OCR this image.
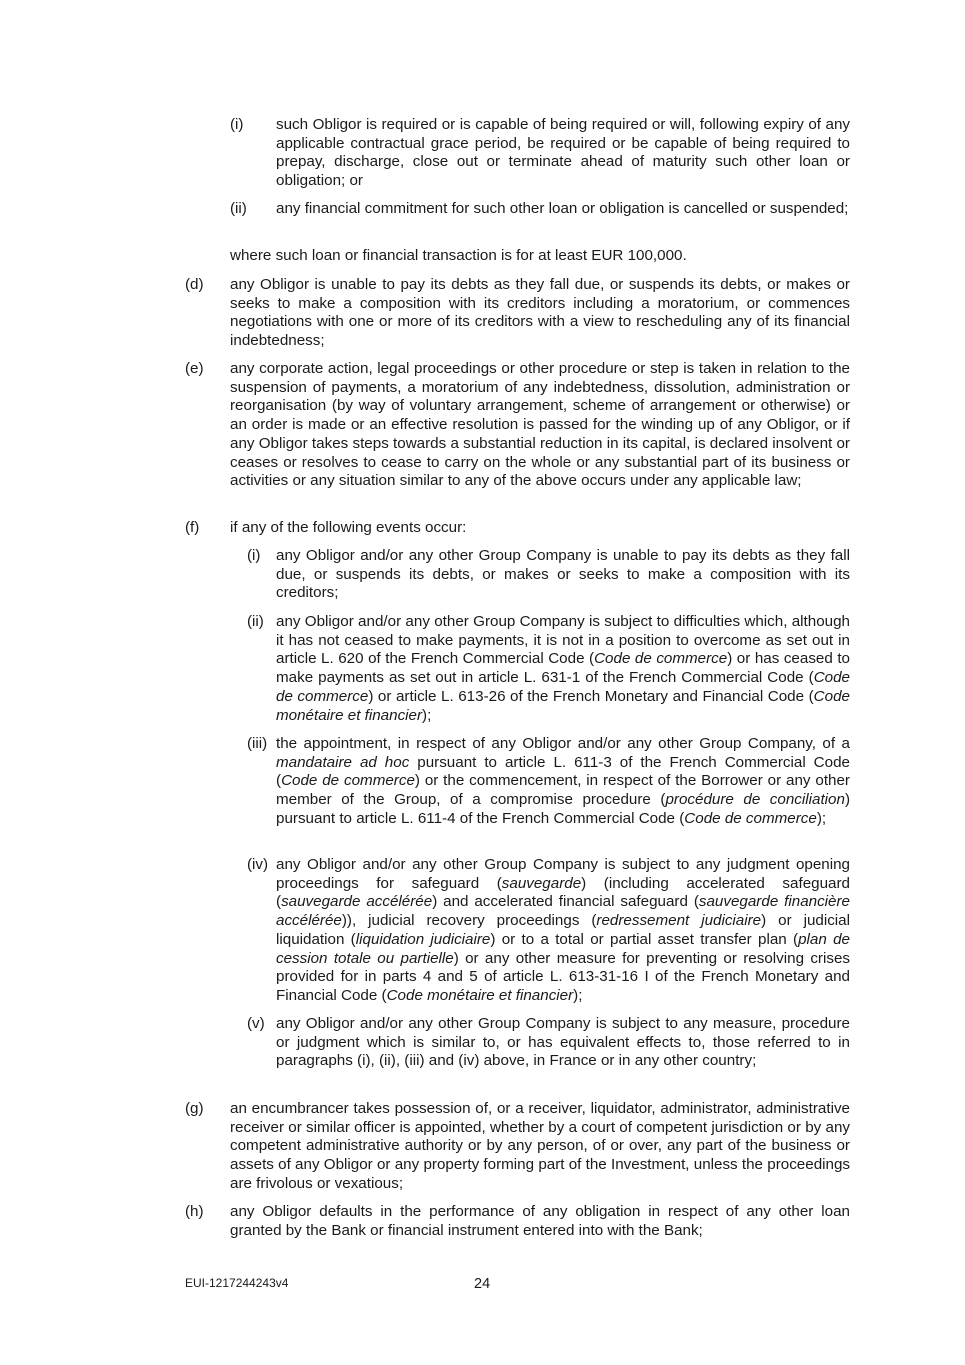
(i) such Obligor is required or is capable of being required or will, following expiry of any applicable contractual grace period, be required or be capable of being required to prepay, discharge, close out or terminate ahead of maturity such other loan or obligation; or

(ii) any financial commitment for such other loan or obligation is cancelled or suspended;

where such loan or financial transaction is for at least EUR 100,000.

(d) any Obligor is unable to pay its debts as they fall due, or suspends its debts, or makes or seeks to make a composition with its creditors including a moratorium, or commences negotiations with one or more of its creditors with a view to rescheduling any of its financial indebtedness;

(e) any corporate action, legal proceedings or other procedure or step is taken in relation to the suspension of payments, a moratorium of any indebtedness, dissolution, administration or reorganisation (by way of voluntary arrangement, scheme of arrangement or otherwise) or an order is made or an effective resolution is passed for the winding up of any Obligor, or if any Obligor takes steps towards a substantial reduction in its capital, is declared insolvent or ceases or resolves to cease to carry on the whole or any substantial part of its business or activities or any situation similar to any of the above occurs under any applicable law;

(f) if any of the following events occur:

(i) any Obligor and/or any other Group Company is unable to pay its debts as they fall due, or suspends its debts, or makes or seeks to make a composition with its creditors;

(ii) any Obligor and/or any other Group Company is subject to difficulties which, although it has not ceased to make payments, it is not in a position to overcome as set out in article L. 620 of the French Commercial Code (Code de commerce) or has ceased to make payments as set out in article L. 631-1 of the French Commercial Code (Code de commerce) or article L. 613-26 of the French Monetary and Financial Code (Code monétaire et financier);

(iii) the appointment, in respect of any Obligor and/or any other Group Company, of a mandataire ad hoc pursuant to article L. 611-3 of the French Commercial Code (Code de commerce) or the commencement, in respect of the Borrower or any other member of the Group, of a compromise procedure (procédure de conciliation) pursuant to article L. 611-4 of the French Commercial Code (Code de commerce);

(iv) any Obligor and/or any other Group Company is subject to any judgment opening proceedings for safeguard (sauvegarde) (including accelerated safeguard (sauvegarde accélérée) and accelerated financial safeguard (sauvegarde financière accélérée)), judicial recovery proceedings (redressement judiciaire) or judicial liquidation (liquidation judiciaire) or to a total or partial asset transfer plan (plan de cession totale ou partielle) or any other measure for preventing or resolving crises provided for in parts 4 and 5 of article L. 613-31-16 I of the French Monetary and Financial Code (Code monétaire et financier);

(v) any Obligor and/or any other Group Company is subject to any measure, procedure or judgment which is similar to, or has equivalent effects to, those referred to in paragraphs (i), (ii), (iii) and (iv) above, in France or in any other country;

(g) an encumbrancer takes possession of, or a receiver, liquidator, administrator, administrative receiver or similar officer is appointed, whether by a court of competent jurisdiction or by any competent administrative authority or by any person, of or over, any part of the business or assets of any Obligor or any property forming part of the Investment, unless the proceedings are frivolous or vexatious;

(h) any Obligor defaults in the performance of any obligation in respect of any other loan granted by the Bank or financial instrument entered into with the Bank;

EUI-1217244243v4	24
